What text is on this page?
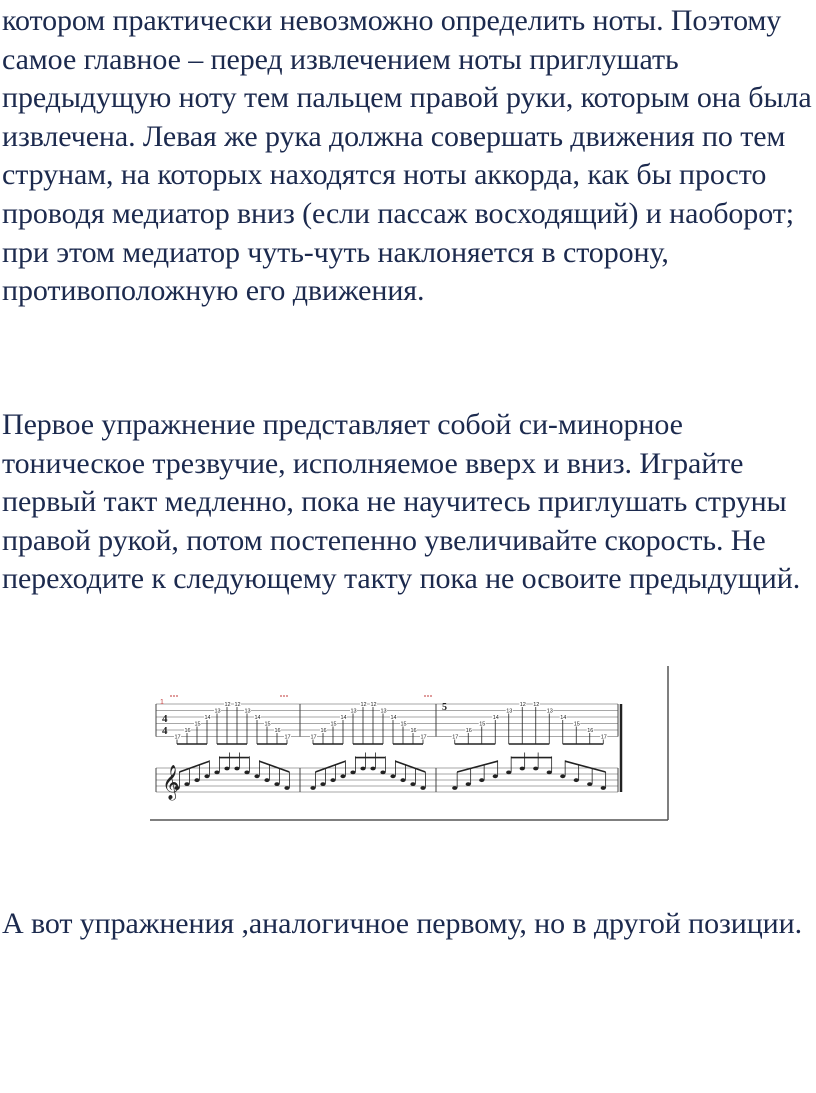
котором практически невозможно определить ноты. Поэтому самое главное – перед извлечением ноты приглушать предыдущую ноту тем пальцем правой руки, которым она была извлечена. Левая же рука должна совершать движения по тем струнам, на которых находятся ноты аккорда, как бы просто проводя медиатор вниз (если пассаж восходящий) и наоборот; при этом медиатор чуть-чуть наклоняется в сторону, противоположную его движения.

Первое упражнение представляет собой си-минорное тоническое трезвучие, исполняемое вверх и вниз. Играйте первый такт медленно, пока не научитесь приглушать струны правой рукой, потом постепенно увеличивайте скорость. Не переходите к следующему такту пока не освоите предыдущий.

17
16
15
14
13
12 12
13
14
15
16
17	17
16
15
14
13
12 12
13
14
15
16
17	17
16
15
14
13
12 12
13
14
15
16
17
4
4
1	5
𝄞

А вот упражнения ,аналогичное первому, но в другой позиции.
